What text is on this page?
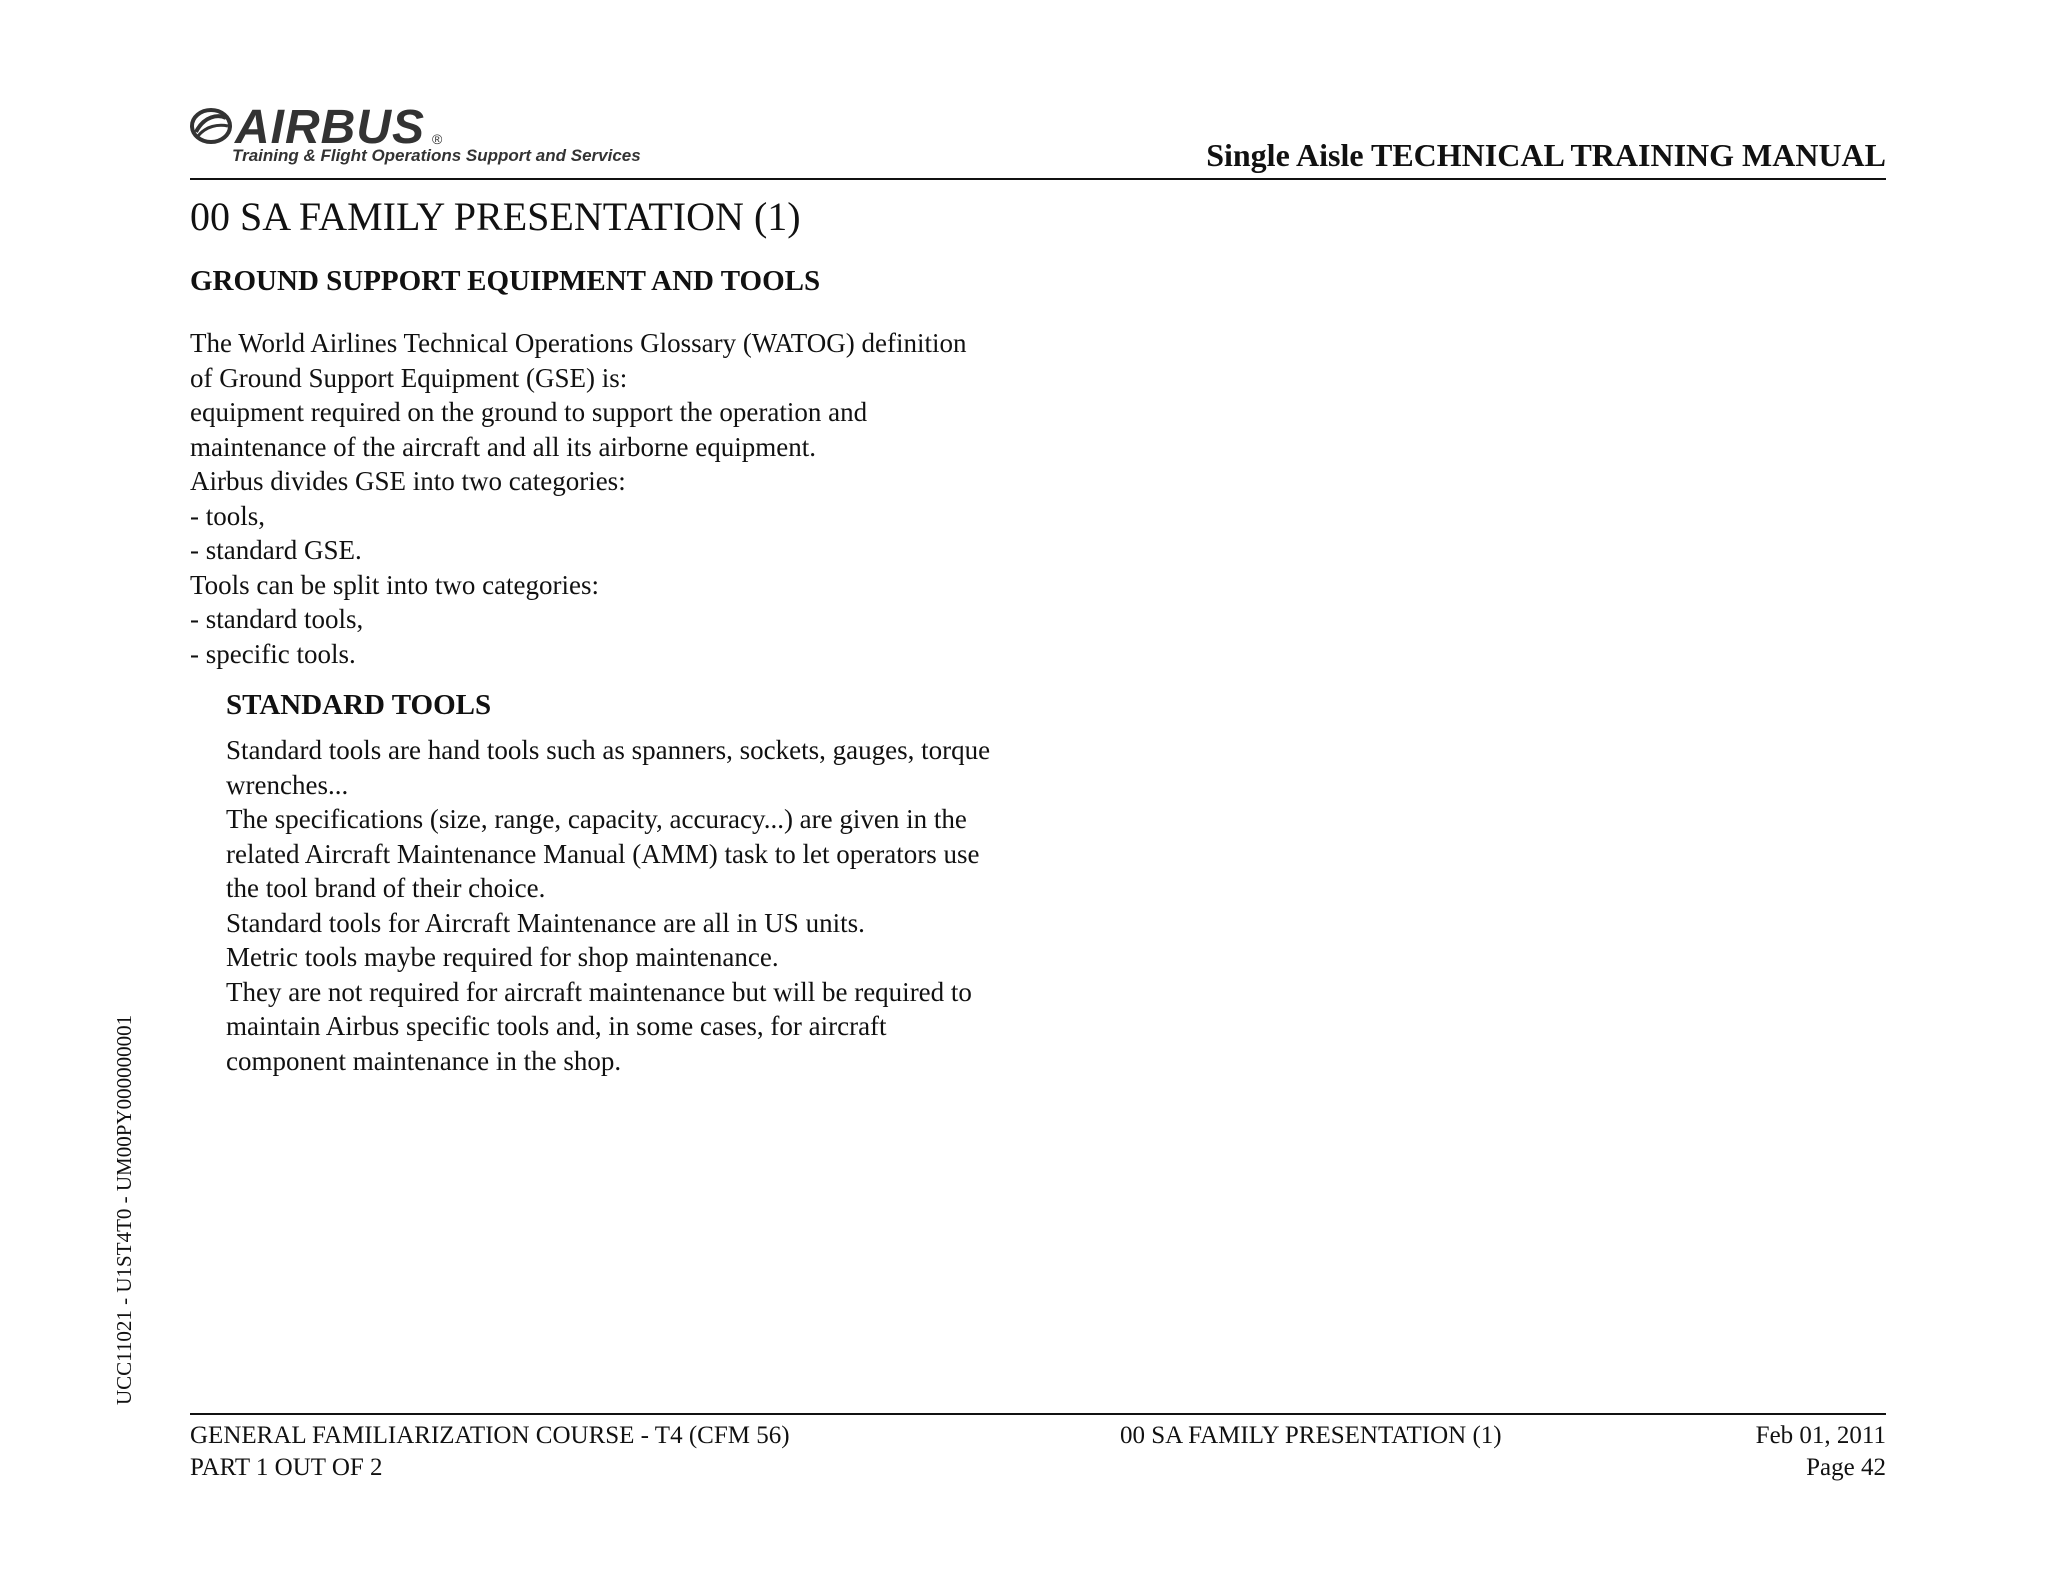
AIRBUS ®
Training & Flight Operations Support and Services	Single Aisle TECHNICAL TRAINING MANUAL
00 SA FAMILY PRESENTATION (1)
GROUND SUPPORT EQUIPMENT AND TOOLS
The World Airlines Technical Operations Glossary (WATOG) definition
of Ground Support Equipment (GSE) is:
equipment required on the ground to support the operation and
maintenance of the aircraft and all its airborne equipment.
Airbus divides GSE into two categories:
- tools,
- standard GSE.
Tools can be split into two categories:
- standard tools,
- specific tools.
STANDARD TOOLS
Standard tools are hand tools such as spanners, sockets, gauges, torque
wrenches...
The specifications (size, range, capacity, accuracy...) are given in the
related Aircraft Maintenance Manual (AMM) task to let operators use
the tool brand of their choice.
Standard tools for Aircraft Maintenance are all in US units.
Metric tools maybe required for shop maintenance.
They are not required for aircraft maintenance but will be required to
maintain Airbus specific tools and, in some cases, for aircraft
component maintenance in the shop.
UCC11021 - U1ST4T0 - UM00PY000000001
GENERAL FAMILIARIZATION COURSE - T4 (CFM 56)
PART 1 OUT OF 2
00 SA FAMILY PRESENTATION (1)	Feb 01, 2011
Page 42
